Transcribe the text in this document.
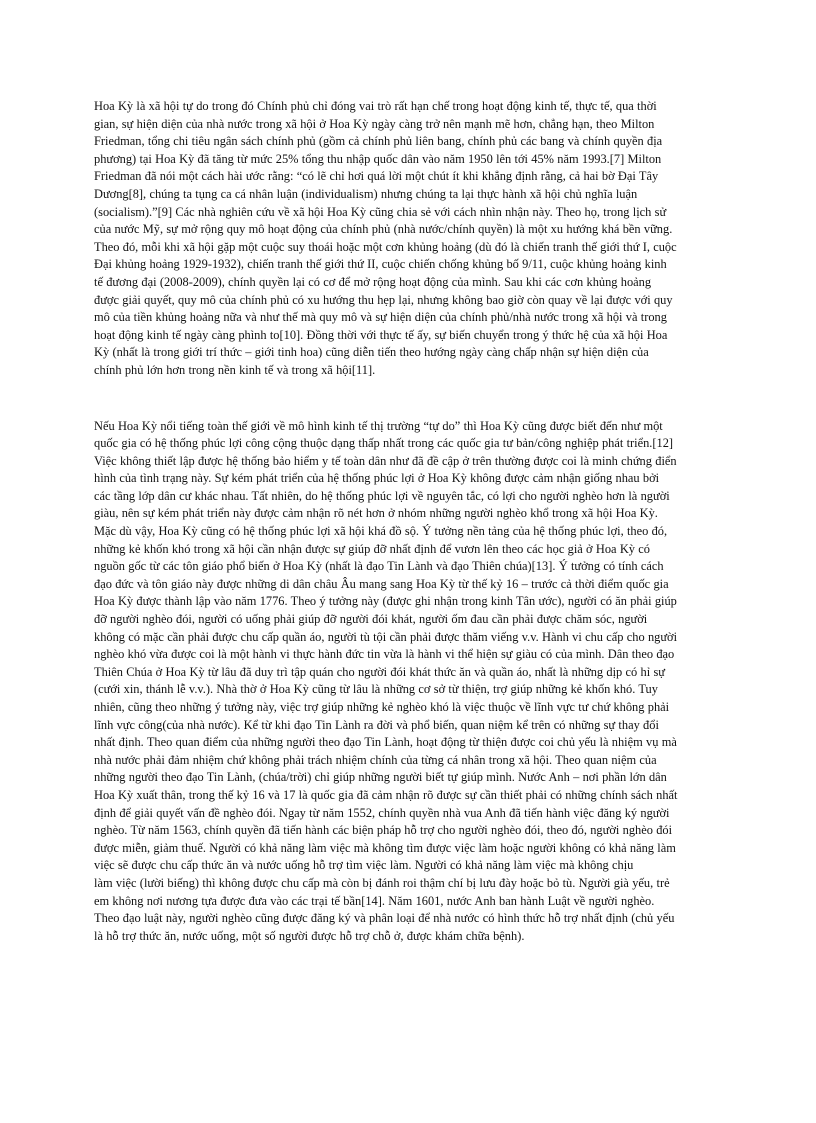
Hoa Kỳ là xã hội tự do trong đó Chính phủ chỉ đóng vai trò rất hạn chế trong hoạt động kinh tế, thực tế, qua thời
gian, sự hiện diện của nhà nước trong xã hội ở Hoa Kỳ ngày càng trở nên mạnh mẽ hơn, chẳng hạn, theo Milton
Friedman, tổng chi tiêu ngân sách chính phủ (gồm cả chính phủ liên bang, chính phủ các bang và chính quyền địa
phương) tại Hoa Kỳ đã tăng từ mức 25% tổng thu nhập quốc dân vào năm 1950 lên tới 45% năm 1993.[7] Milton
Friedman đã nói một cách hài ước rằng: “có lẽ chỉ hơi quá lời một chút ít khi khẳng định rằng, cả hai bờ Đại Tây
Dương[8], chúng ta tụng ca cá nhân luận (individualism) nhưng chúng ta lại thực hành xã hội chủ nghĩa luận
(socialism).”[9] Các nhà nghiên cứu về xã hội Hoa Kỳ cũng chia sẻ với cách nhìn nhận này. Theo họ, trong lịch sử
của nước Mỹ, sự mở rộng quy mô hoạt động của chính phủ (nhà nước/chính quyền) là một xu hướng khá bền vững.
Theo đó, mỗi khi xã hội gặp một cuộc suy thoái hoặc một cơn khủng hoảng (dù đó là chiến tranh thế giới thứ I, cuộc
Đại khủng hoảng 1929-1932), chiến tranh thế giới thứ II, cuộc chiến chống khủng bố 9/11, cuộc khủng hoảng kinh
tế đương đại (2008-2009), chính quyền lại có cơ để mở rộng hoạt động của mình. Sau khi các cơn khủng hoảng
được giải quyết, quy mô của chính phủ có xu hướng thu hẹp lại, nhưng không bao giờ còn quay về lại được với quy
mô của tiền khủng hoảng nữa và như thế mà quy mô và sự hiện diện của chính phủ/nhà nước trong xã hội và trong
hoạt động kinh tế ngày càng phình to[10]. Đồng thời với thực tế ấy, sự biến chuyển trong ý thức hệ của xã hội Hoa
Kỳ (nhất là trong giới trí thức – giới tinh hoa) cũng diễn tiến theo hướng ngày càng chấp nhận sự hiện diện của
chính phủ lớn hơn trong nền kinh tế và trong xã hội[11].

Nếu Hoa Kỳ nổi tiếng toàn thế giới về mô hình kinh tế thị trường “tự do” thì Hoa Kỳ cũng được biết đến như một
quốc gia có hệ thống phúc lợi công cộng thuộc dạng thấp nhất trong các quốc gia tư bản/công nghiệp phát triển.[12]
Việc không thiết lập được hệ thống bảo hiểm y tế toàn dân như đã đề cập ở trên thường được coi là minh chứng điển
hình của tình trạng này. Sự kém phát triển của hệ thống phúc lợi ở Hoa Kỳ không được cảm nhận giống nhau bởi
các tầng lớp dân cư khác nhau. Tất nhiên, do hệ thống phúc lợi về nguyên tắc, có lợi cho người nghèo hơn là người
giàu, nên sự kém phát triển này được cảm nhận rõ nét hơn ở nhóm những người nghèo khổ trong xã hội Hoa Kỳ.
Mặc dù vậy, Hoa Kỳ cũng có hệ thống phúc lợi xã hội khá đồ sộ. Ý tưởng nền tảng của hệ thống phúc lợi, theo đó,
những kẻ khốn khó trong xã hội cần nhận được sự giúp đỡ nhất định để vươn lên theo các học giả ở Hoa Kỳ có
nguồn gốc từ các tôn giáo phổ biến ở Hoa Kỳ (nhất là đạo Tin Lành và đạo Thiên chúa)[13]. Ý tưởng có tính cách
đạo đức và tôn giáo này được những di dân châu Âu mang sang Hoa Kỳ từ thế kỷ 16 – trước cả thời điểm quốc gia
Hoa Kỳ được thành lập vào năm 1776. Theo ý tưởng này (được ghi nhận trong kinh Tân ước), người có ăn phải giúp
đỡ người nghèo đói, người có uống phải giúp đỡ người đói khát, người ốm đau cần phải được chăm sóc, người
không có mặc cần phải được chu cấp quần áo, người tù tội cần phải được thăm viếng v.v. Hành vi chu cấp cho người
nghèo khó vừa được coi là một hành vi thực hành đức tin vừa là hành vi thể hiện sự giàu có của mình. Dân theo đạo
Thiên Chúa ở Hoa Kỳ từ lâu đã duy trì tập quán cho người đói khát thức ăn và quần áo, nhất là những dịp có hỉ sự
(cưới xin, thánh lễ v.v.). Nhà thờ ở Hoa Kỳ cũng từ lâu là những cơ sở từ thiện, trợ giúp những kẻ khốn khó. Tuy
nhiên, cũng theo những ý tưởng này, việc trợ giúp những kẻ nghèo khó là việc thuộc về lĩnh vực tư chứ không phải
lĩnh vực công(của nhà nước). Kể từ khi đạo Tin Lành ra đời và phổ biến, quan niệm kể trên có những sự thay đổi
nhất định. Theo quan điểm của những người theo đạo Tin Lành, hoạt động từ thiện được coi chủ yếu là nhiệm vụ mà
nhà nước phải đảm nhiệm chứ không phải trách nhiệm chính của từng cá nhân trong xã hội. Theo quan niệm của
những người theo đạo Tin Lành, (chúa/trời) chỉ giúp những người biết tự giúp mình. Nước Anh – nơi phần lớn dân
Hoa Kỳ xuất thân, trong thế kỷ 16 và 17 là quốc gia đã cảm nhận rõ được sự cần thiết phải có những chính sách nhất
định để giải quyết vấn đề nghèo đói. Ngay từ năm 1552, chính quyền nhà vua Anh đã tiến hành việc đăng ký người
nghèo. Từ năm 1563, chính quyền đã tiến hành các biện pháp hỗ trợ cho người nghèo đói, theo đó, người nghèo đói
được miễn, giảm thuế. Người có khả năng làm việc mà không tìm được việc làm hoặc người không có khả năng làm
việc sẽ được chu cấp thức ăn và nước uống hỗ trợ tìm việc làm. Người có khả năng làm việc mà không chịu
làm việc (lười biếng) thì không được chu cấp mà còn bị đánh roi thậm chí bị lưu đày hoặc bỏ tù. Người già yếu, trẻ
em không nơi nương tựa được đưa vào các trại tế bần[14]. Năm 1601, nước Anh ban hành Luật về người nghèo.
Theo đạo luật này, người nghèo cũng được đăng ký và phân loại để nhà nước có hình thức hỗ trợ nhất định (chủ yếu
là hỗ trợ thức ăn, nước uống, một số người được hỗ trợ chỗ ở, được khám chữa bệnh).
